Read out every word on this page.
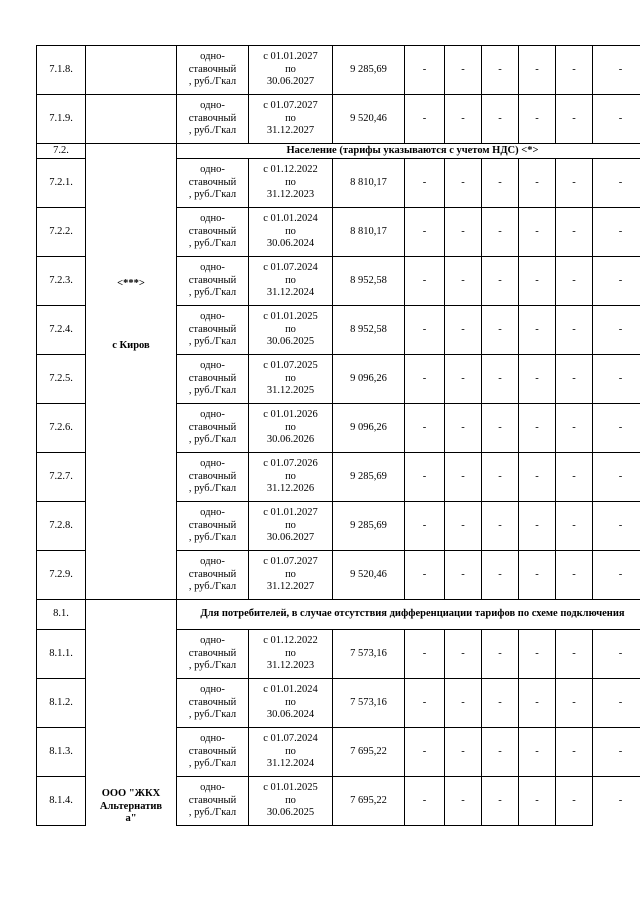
7.1.8.		одно-
ставочный
, руб./Гкал	с 01.01.2027
по
30.06.2027	9 285,69	-	-	-	-	-	-
7.1.9.		одно-
ставочный
, руб./Гкал	с 01.07.2027
по
31.12.2027	9 520,46	-	-	-	-	-	-
7.2.	<***>

с Киров	Население (тарифы указываются с учетом НДС) <*>								
7.2.1.		одно-
ставочный
, руб./Гкал	с 01.12.2022
по
31.12.2023	8 810,17	-	-	-	-	-	-
7.2.2.		одно-
ставочный
, руб./Гкал	с 01.01.2024
по
30.06.2024	8 810,17	-	-	-	-	-	-
7.2.3.		одно-
ставочный
, руб./Гкал	с 01.07.2024
по
31.12.2024	8 952,58	-	-	-	-	-	-
7.2.4.		одно-
ставочный
, руб./Гкал	с 01.01.2025
по
30.06.2025	8 952,58	-	-	-	-	-	-
7.2.5.		одно-
ставочный
, руб./Гкал	с 01.07.2025
по
31.12.2025	9 096,26	-	-	-	-	-	-
7.2.6.		одно-
ставочный
, руб./Гкал	с 01.01.2026
по
30.06.2026	9 096,26	-	-	-	-	-	-
7.2.7.		одно-
ставочный
, руб./Гкал	с 01.07.2026
по
31.12.2026	9 285,69	-	-	-	-	-	-
7.2.8.		одно-
ставочный
, руб./Гкал	с 01.01.2027
по
30.06.2027	9 285,69	-	-	-	-	-	-
7.2.9.		одно-
ставочный
, руб./Гкал	с 01.07.2027
по
31.12.2027	9 520,46	-	-	-	-	-	-
8.1.	ООО "ЖКХ
Альтернатив
а"	Для потребителей, в случае отсутствия дифференциации тарифов по схеме подключения								
8.1.1.		одно-
ставочный
, руб./Гкал	с 01.12.2022
по
31.12.2023	7 573,16	-	-	-	-	-	-
8.1.2.		одно-
ставочный
, руб./Гкал	с 01.01.2024
по
30.06.2024	7 573,16	-	-	-	-	-	-
8.1.3.		одно-
ставочный
, руб./Гкал	с 01.07.2024
по
31.12.2024	7 695,22	-	-	-	-	-	-
8.1.4.		одно-
ставочный
, руб./Гкал	с 01.01.2025
по
30.06.2025	7 695,22	-	-	-	-	-	-
